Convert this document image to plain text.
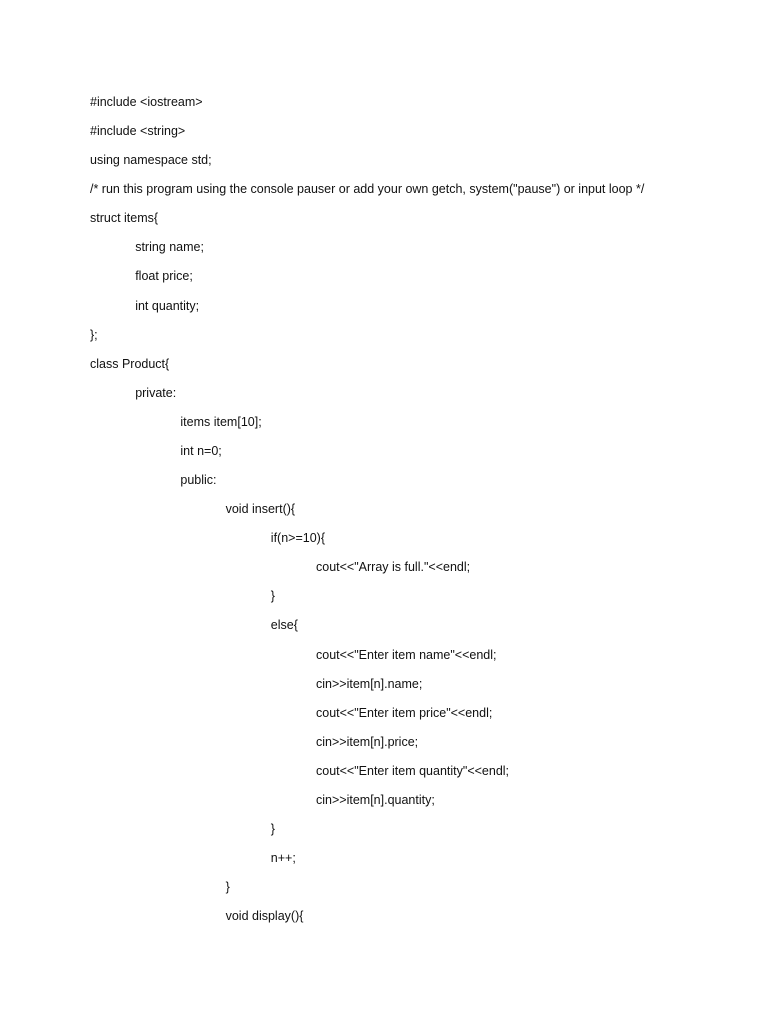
#include <iostream>
#include <string>
using namespace std;
/* run this program using the console pauser or add your own getch, system("pause") or input loop */
struct items{
string name;
float price;
int quantity;
};
class Product{
private:
items item[10];
int n=0;
public:
void insert(){
if(n>=10){
cout<<"Array is full."<<endl;
}
else{
cout<<"Enter item name"<<endl;
cin>>item[n].name;
cout<<"Enter item price"<<endl;
cin>>item[n].price;
cout<<"Enter item quantity"<<endl;
cin>>item[n].quantity;
}
n++;
}
void display(){
